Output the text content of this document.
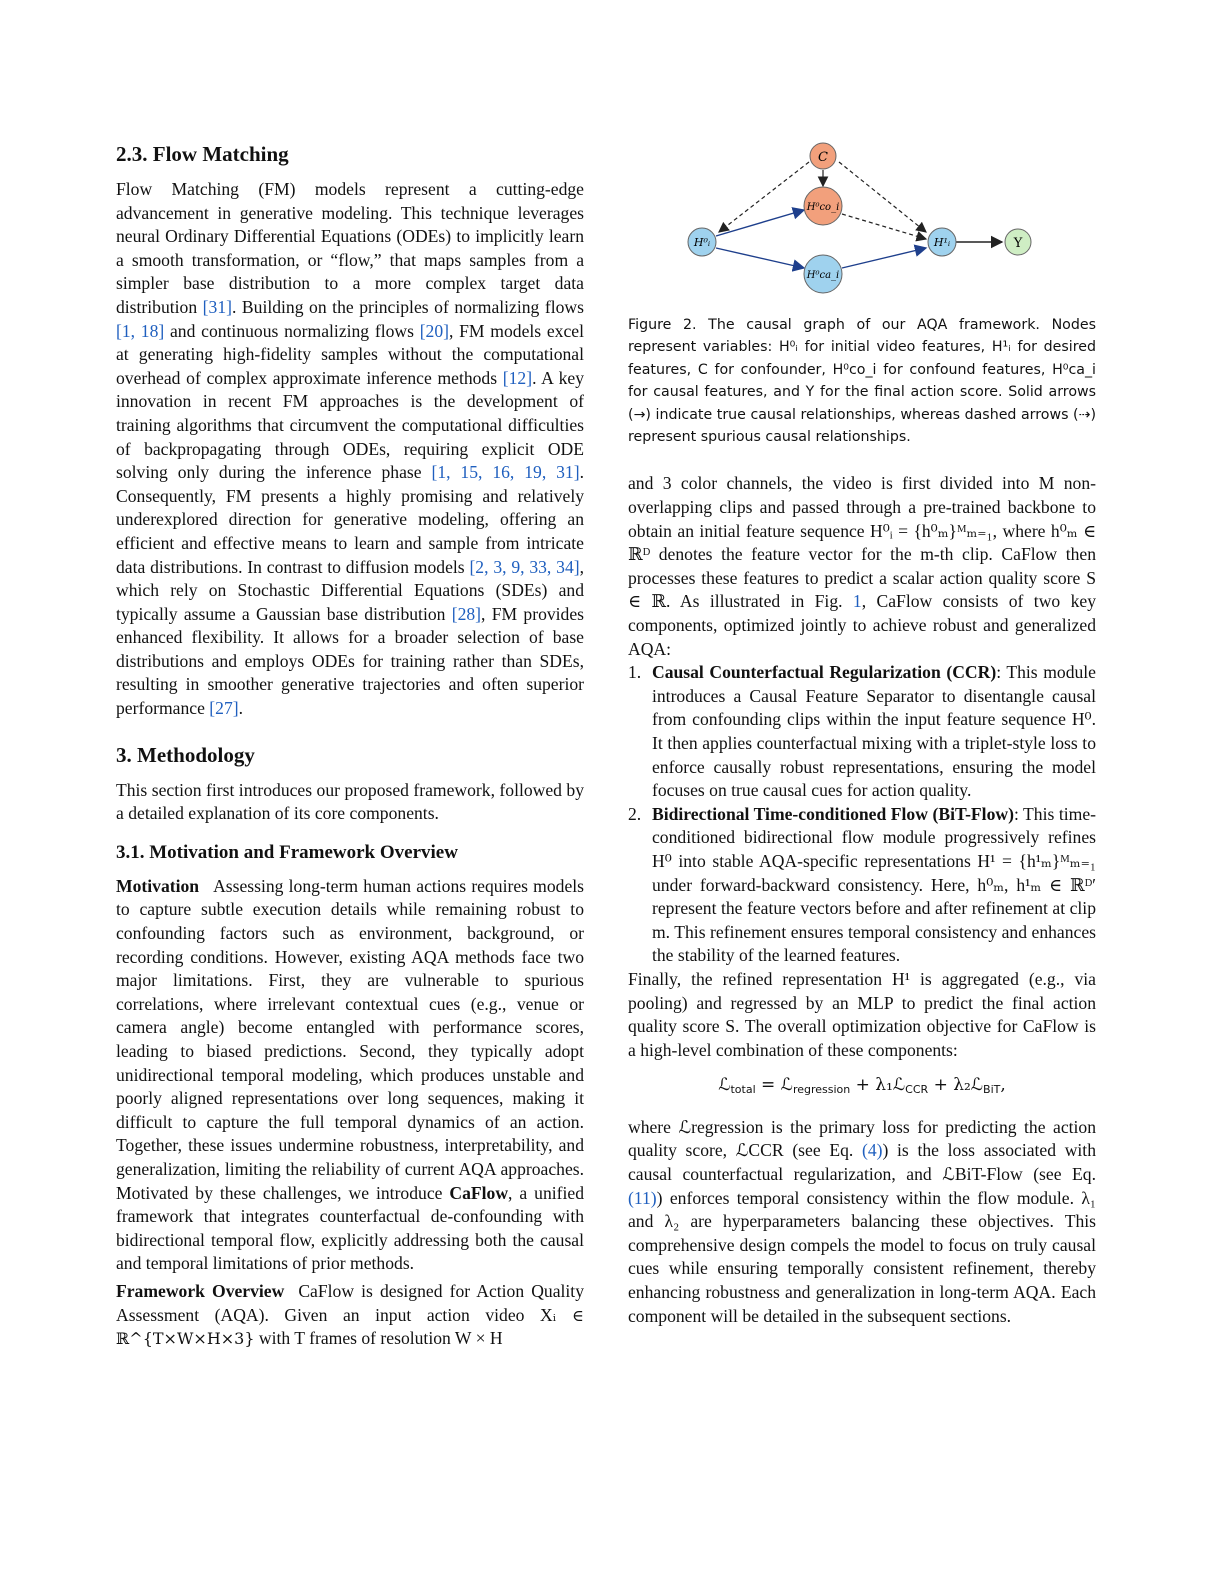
2.3. Flow Matching

Flow Matching (FM) models represent a cutting-edge advancement in generative modeling. This technique leverages neural Ordinary Differential Equations (ODEs) to implicitly learn a smooth transformation, or “flow,” that maps samples from a simpler base distribution to a more complex target data distribution [31]. Building on the principles of normalizing flows [1, 18] and continuous normalizing flows [20], FM models excel at generating high-fidelity samples without the computational overhead of complex approximate inference methods [12]. A key innovation in recent FM approaches is the development of training algorithms that circumvent the computational difficulties of backpropagating through ODEs, requiring explicit ODE solving only during the inference phase [1, 15, 16, 19, 31]. Consequently, FM presents a highly promising and relatively underexplored direction for generative modeling, offering an efficient and effective means to learn and sample from intricate data distributions. In contrast to diffusion models [2, 3, 9, 33, 34], which rely on Stochastic Differential Equations (SDEs) and typically assume a Gaussian base distribution [28], FM provides enhanced flexibility. It allows for a broader selection of base distributions and employs ODEs for training rather than SDEs, resulting in smoother generative trajectories and often superior performance [27].

3. Methodology

This section first introduces our proposed framework, followed by a detailed explanation of its core components.

3.1. Motivation and Framework Overview

Motivation Assessing long-term human actions requires models to capture subtle execution details while remaining robust to confounding factors such as environment, background, or recording conditions. However, existing AQA methods face two major limitations. First, they are vulnerable to spurious correlations, where irrelevant contextual cues (e.g., venue or camera angle) become entangled with performance scores, leading to biased predictions. Second, they typically adopt unidirectional temporal modeling, which produces unstable and poorly aligned representations over long sequences, making it difficult to capture the full temporal dynamics of an action. Together, these issues undermine robustness, interpretability, and generalization, limiting the reliability of current AQA approaches. Motivated by these challenges, we introduce CaFlow, a unified framework that integrates counterfactual de-confounding with bidirectional temporal flow, explicitly addressing both the causal and temporal limitations of prior methods.

Framework Overview CaFlow is designed for Action Quality Assessment (AQA). Given an input action video Xᵢ ∈ ℝ^{T×W×H×3} with T frames of resolution W × H

C
H⁰co_i
H⁰ᵢ
H⁰ca_i
H¹ᵢ	Y

Figure 2. The causal graph of our AQA framework. Nodes represent variables: H⁰ᵢ for initial video features, H¹ᵢ for desired features, C for confounder, H⁰co_i for confound features, H⁰ca_i for causal features, and Y for the final action score. Solid arrows (→) indicate true causal relationships, whereas dashed arrows (⇢) represent spurious causal relationships.

and 3 color channels, the video is first divided into M non-overlapping clips and passed through a pre-trained backbone to obtain an initial feature sequence H⁰ᵢ = {h⁰ₘ}ᴹₘ₌₁, where h⁰ₘ ∈ ℝᴰ denotes the feature vector for the m-th clip. CaFlow then processes these features to predict a scalar action quality score S ∈ ℝ. As illustrated in Fig. 1, CaFlow consists of two key components, optimized jointly to achieve robust and generalized AQA:

1. Causal Counterfactual Regularization (CCR): This module introduces a Causal Feature Separator to disentangle causal from confounding clips within the input feature sequence H⁰. It then applies counterfactual mixing with a triplet-style loss to enforce causally robust representations, ensuring the model focuses on true causal cues for action quality.
2. Bidirectional Time-conditioned Flow (BiT-Flow): This time-conditioned bidirectional flow module progressively refines H⁰ into stable AQA-specific representations H¹ = {h¹ₘ}ᴹₘ₌₁ under forward-backward consistency. Here, h⁰ₘ, h¹ₘ ∈ ℝᴰ′ represent the feature vectors before and after refinement at clip m. This refinement ensures temporal consistency and enhances the stability of the learned features.

Finally, the refined representation H¹ is aggregated (e.g., via pooling) and regressed by an MLP to predict the final action quality score S. The overall optimization objective for CaFlow is a high-level combination of these components:

ℒ$_{total}$ = ℒ$_{regression}$ + λ₁ℒ$_{CCR}$ + λ₂ℒ$_{BiT}$,

where ℒregression is the primary loss for predicting the action quality score, ℒCCR (see Eq. (4)) is the loss associated with causal counterfactual regularization, and ℒBiT-Flow (see Eq. (11)) enforces temporal consistency within the flow module. λ₁ and λ₂ are hyperparameters balancing these objectives. This comprehensive design compels the model to focus on truly causal cues while ensuring temporally consistent refinement, thereby enhancing robustness and generalization in long-term AQA. Each component will be detailed in the subsequent sections.
